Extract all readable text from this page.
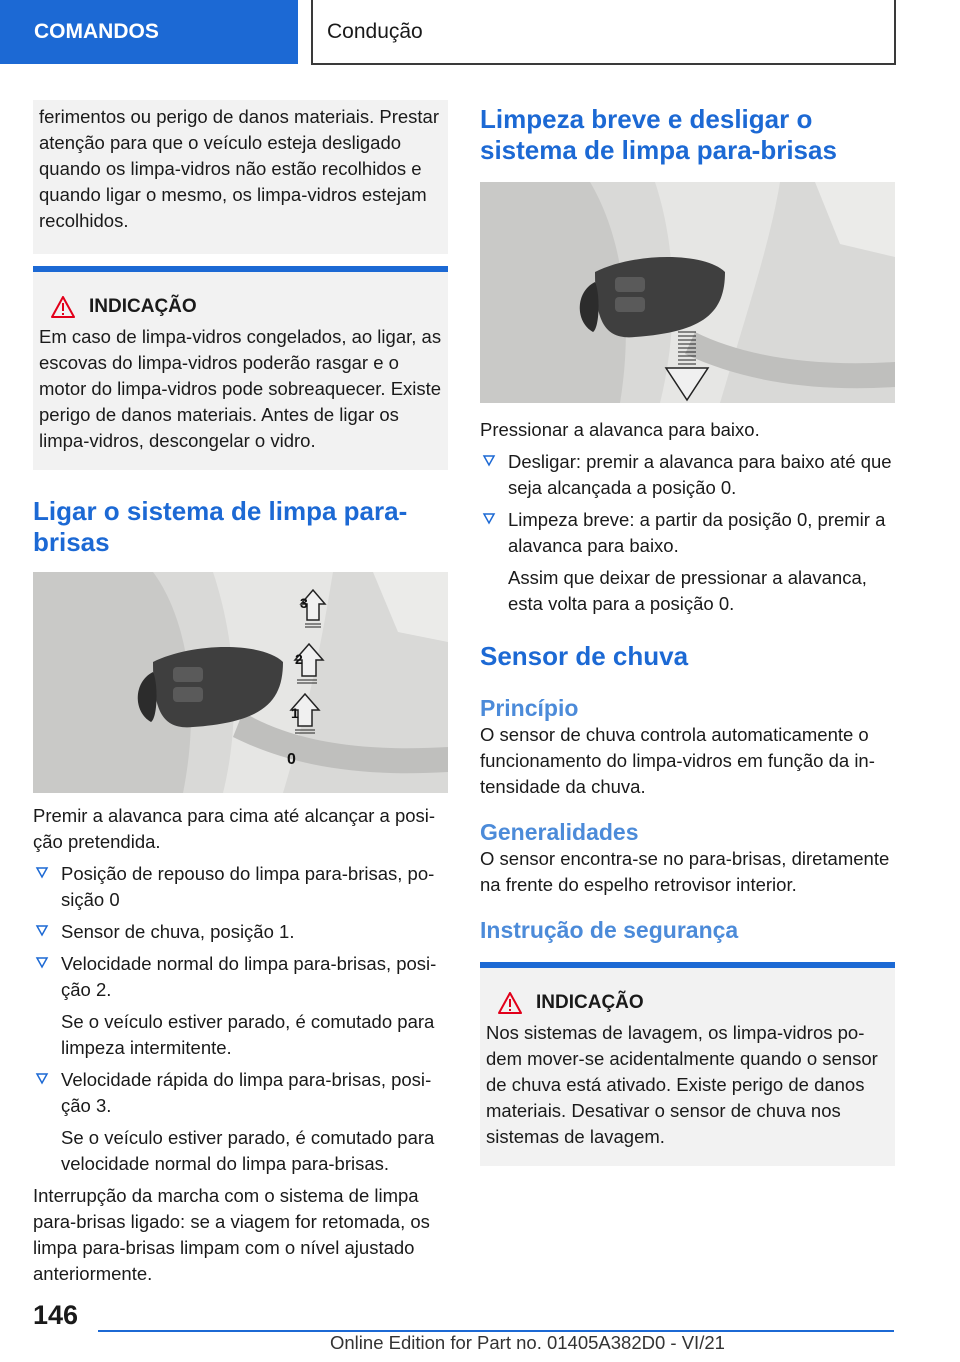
COMANDOS	Condução
ferimentos ou perigo de danos materiais. Prestar atenção para que o veículo esteja desligado quando os limpa-vidros não estão recolhidos e quando ligar o mesmo, os limpa-vidros estejam recolhidos.
INDICAÇÃO
Em caso de limpa-vidros congelados, ao ligar, as escovas do limpa-vidros poderão rasgar e o motor do limpa-vidros pode sobreaquecer. Existe perigo de danos materiais. Antes de ligar os limpa-vidros, descongelar o vidro.
Ligar o sistema de limpa para-brisas
3
2
1
0
Premir a alavanca para cima até alcançar a posição pretendida.
Posição de repouso do limpa para-brisas, posição 0
Sensor de chuva, posição 1.
Velocidade normal do limpa para-brisas, posição 2.
Se o veículo estiver parado, é comutado para limpeza intermitente.
Velocidade rápida do limpa para-brisas, posição 3.
Se o veículo estiver parado, é comutado para velocidade normal do limpa para-brisas.
Interrupção da marcha com o sistema de limpa para-brisas ligado: se a viagem for retomada, os limpa para-brisas limpam com o nível ajustado anteriormente.
Limpeza breve e desligar o sistema de limpa para-brisas
Pressionar a alavanca para baixo.
Desligar: premir a alavanca para baixo até que seja alcançada a posição 0.
Limpeza breve: a partir da posição 0, premir a alavanca para baixo.
Assim que deixar de pressionar a alavanca, esta volta para a posição 0.
Sensor de chuva
Princípio
O sensor de chuva controla automaticamente o funcionamento do limpa-vidros em função da intensidade da chuva.
Generalidades
O sensor encontra-se no para-brisas, diretamente na frente do espelho retrovisor interior.
Instrução de segurança
INDICAÇÃO
Nos sistemas de lavagem, os limpa-vidros podem mover-se acidentalmente quando o sensor de chuva está ativado. Existe perigo de danos materiais. Desativar o sensor de chuva nos sistemas de lavagem.
146
Online Edition for Part no. 01405A382D0 - VI/21
